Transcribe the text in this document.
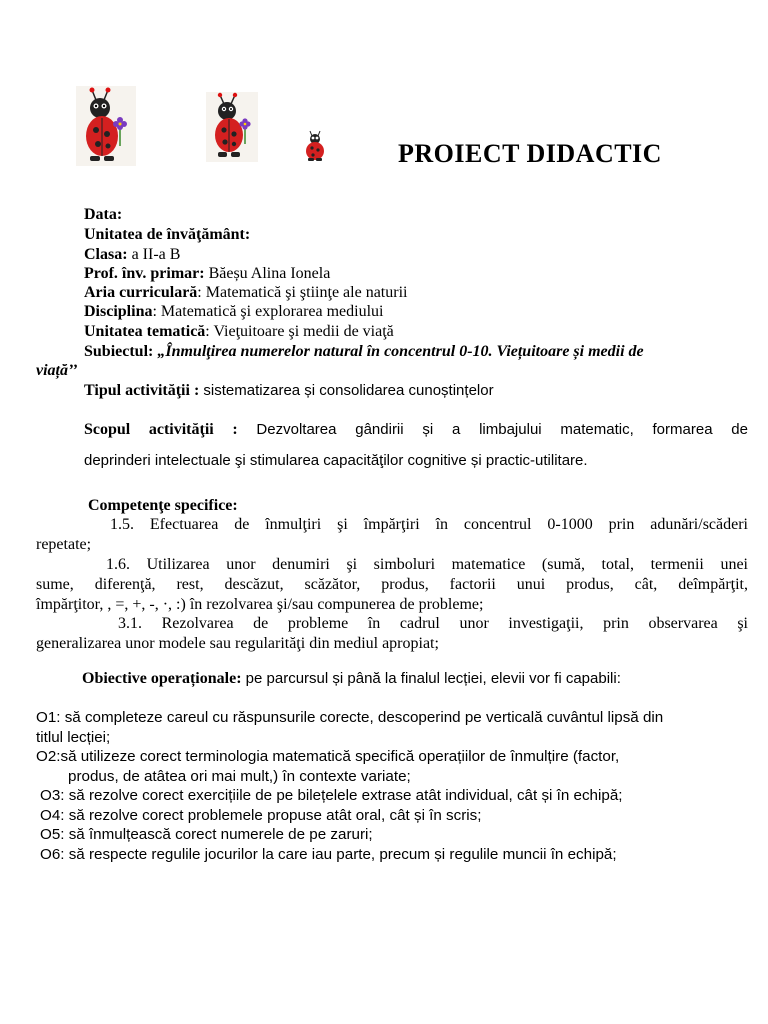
PROIECT DIDACTIC
Data:
Unitatea de învăţământ:
Clasa: a II-a B
Prof. înv. primar: Băeșu Alina Ionela
Aria curriculară: Matematică şi ştiinţe ale naturii
Disciplina: Matematică şi explorarea mediului
Unitatea tematică: Vieţuitoare şi medii de viaţă
Subiectul: „Înmulţirea numerelor natural în concentrul 0-10. Viețuitoare și medii de
viață’’
Tipul activităţii : sistematizarea și consolidarea cunoștințelor
Scopul activităţii : Dezvoltarea gândirii și a limbajului matematic, formarea de
deprinderi intelectuale şi stimularea capacităţilor cognitive și practic-utilitare.
Competenţe specifice:
1.5. Efectuarea de înmulţiri şi împărţiri în concentrul 0-1000 prin adunări/scăderi
repetate;
1.6. Utilizarea unor denumiri şi simboluri matematice (sumă, total, termenii unei
sume, diferenţă, rest, descăzut, scăzător, produs, factorii unui produs, cât, deîmpărţit,
împărţitor, , =, +, -, ·, :) în rezolvarea şi/sau compunerea de probleme;
3.1. Rezolvarea de probleme în cadrul unor investigaţii, prin observarea şi
generalizarea unor modele sau regularităţi din mediul apropiat;
Obiective operaționale: pe parcursul și până la finalul lecției, elevii vor fi capabili:
O1: să completeze careul cu răspunsurile corecte, descoperind pe verticală cuvântul lipsă din
titlul lecției;
O2:să utilizeze corect terminologia matematică specifică operațiilor de înmulțire (factor,
produs, de atâtea ori mai mult,) în contexte variate;
O3: să rezolve corect exercițiile de pe bilețelele extrase atât individual, cât și în echipă;
O4: să rezolve corect problemele propuse atât oral, cât și în scris;
O5: să înmulțească corect numerele de pe zaruri;
O6: să respecte regulile jocurilor la care iau parte, precum și regulile muncii în echipă;
